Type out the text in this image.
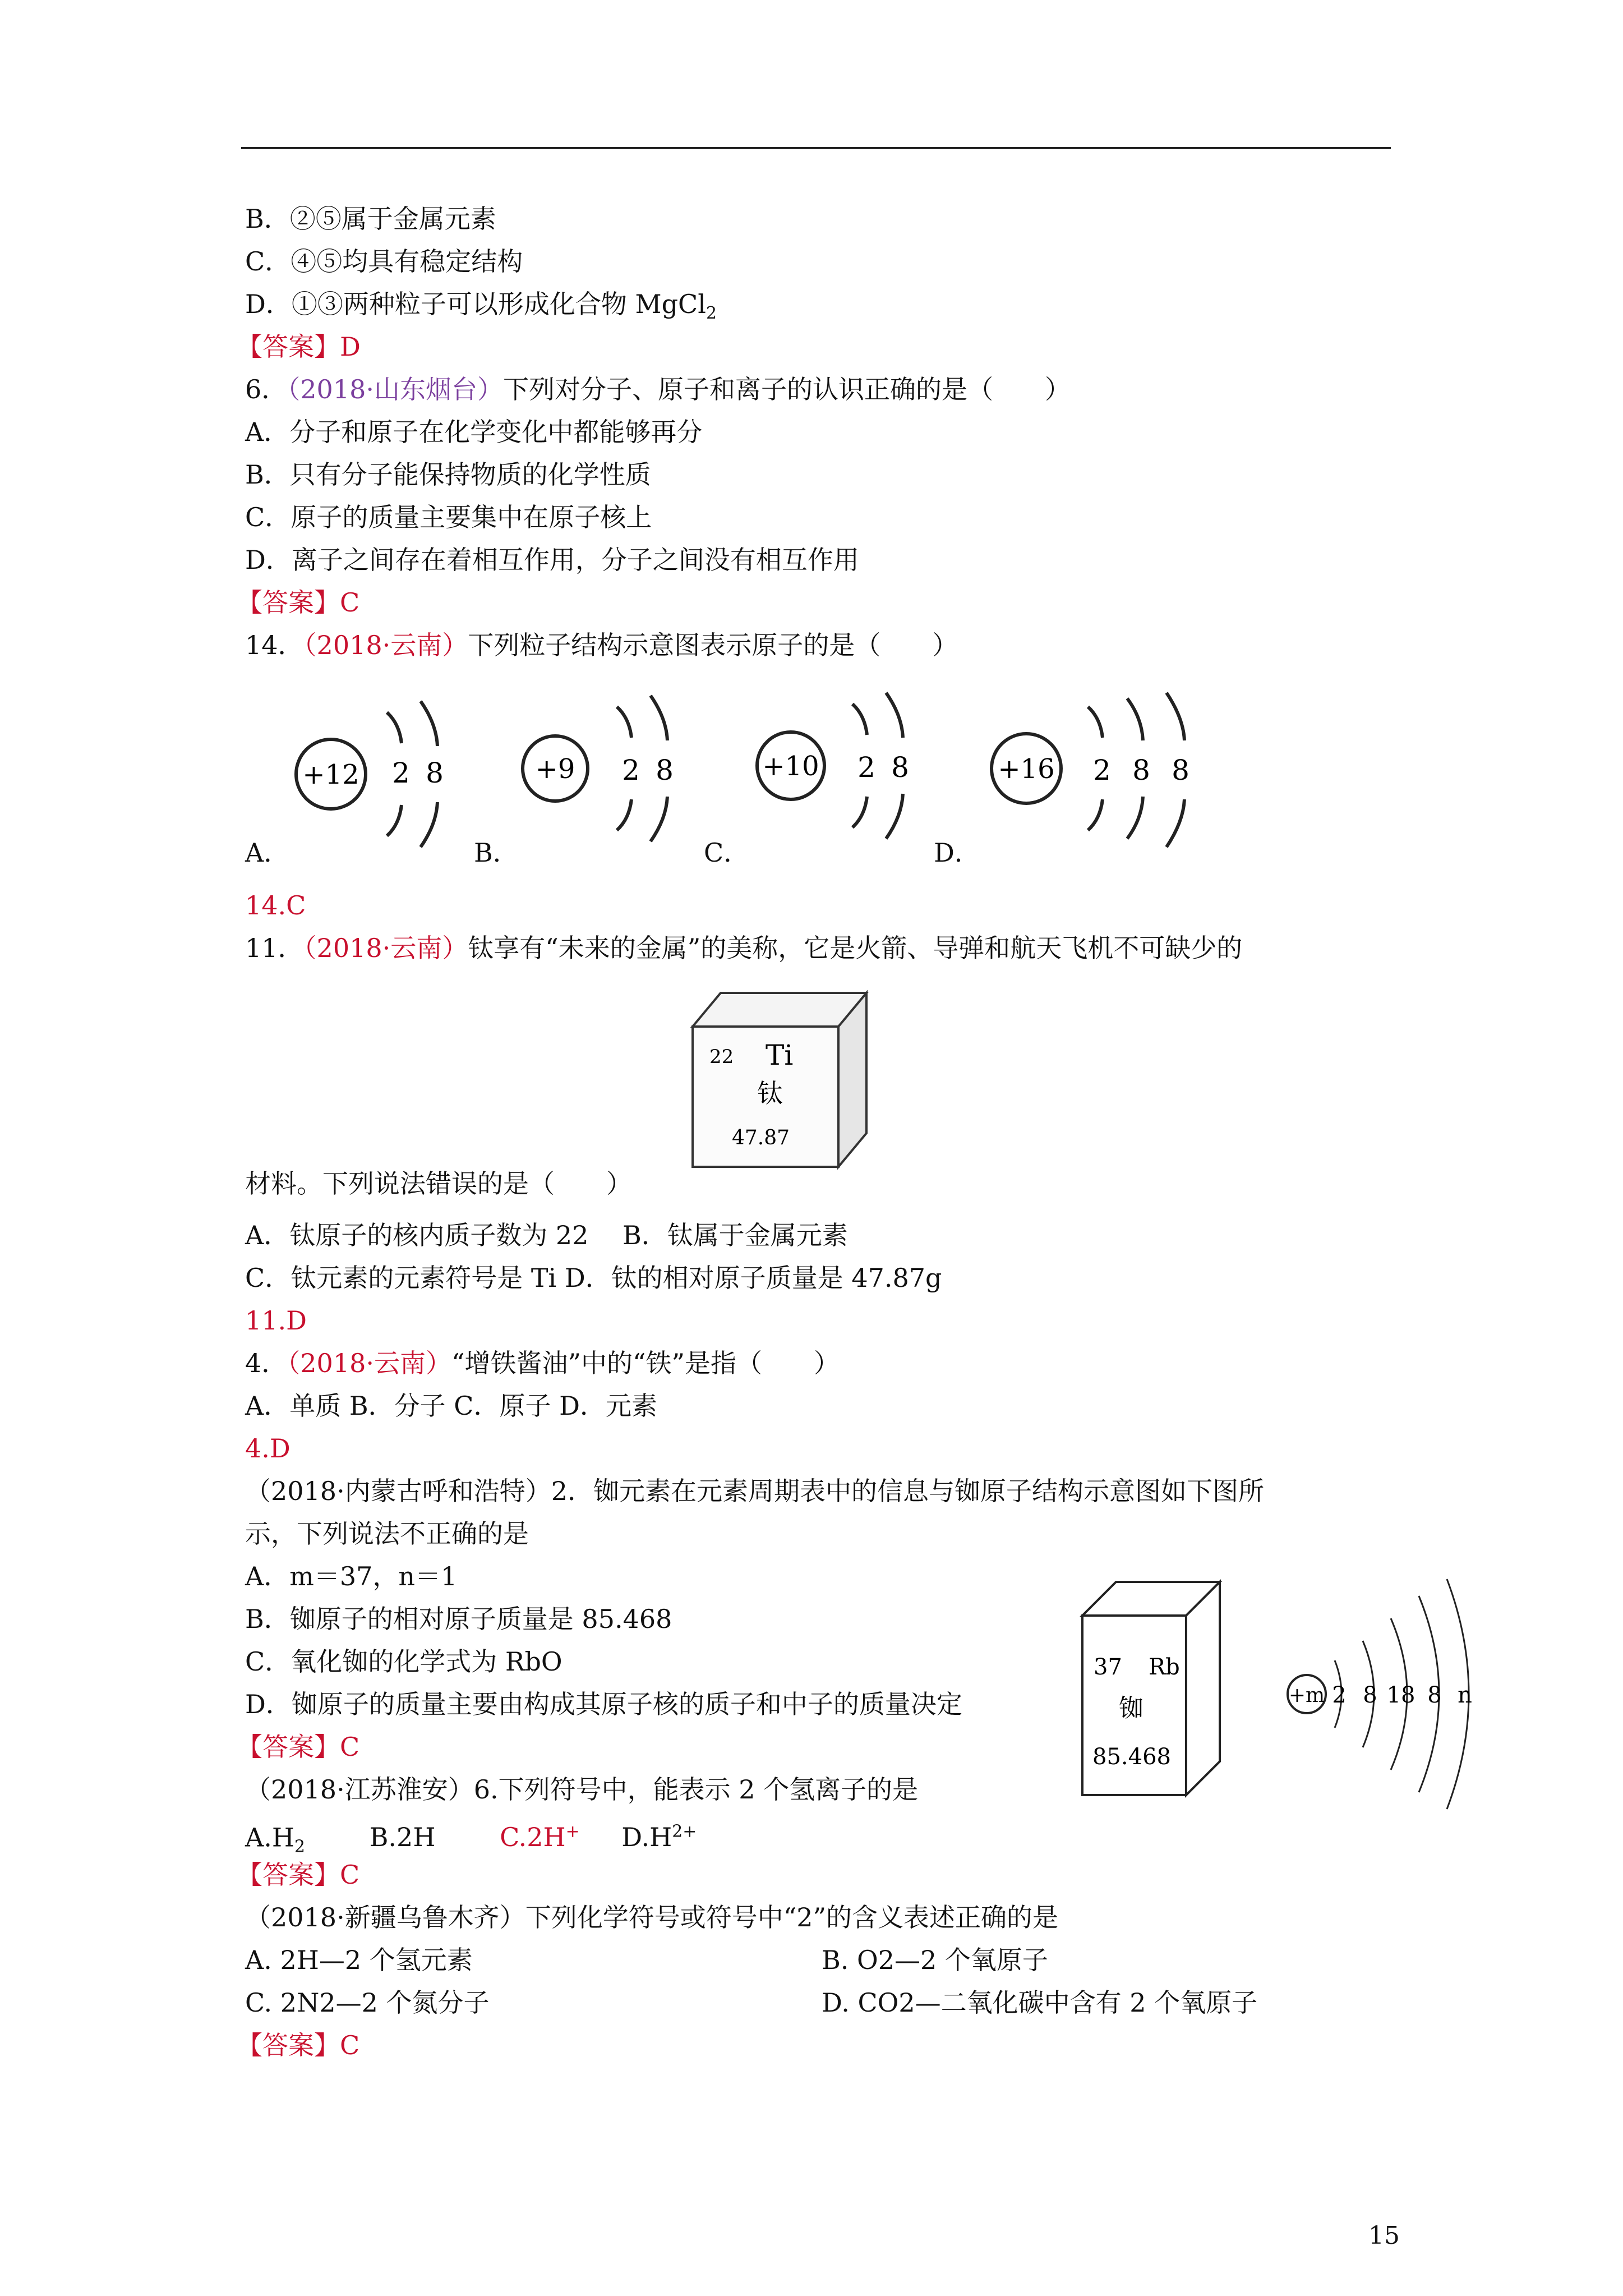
B．②⑤属于金属元素
C．④⑤均具有稳定结构
D．①③两种粒子可以形成化合物 MgCl$_2$
【答案】D
6．（2018·山东烟台）下列对分子、原子和离子的认识正确的是（　　）
A．分子和原子在化学变化中都能够再分
B．只有分子能保持物质的化学性质
C．原子的质量主要集中在原子核上
D．离子之间存在着相互作用，分子之间没有相互作用
【答案】C
14．（2018·云南）下列粒子结构示意图表示原子的是（　　）
+12 2 8	+9 2 8	+10 2 8	+16 2 8 8
A．	B．	C．	D．
14.C
11．（2018·云南）钛享有“未来的金属”的美称，它是火箭、导弹和航天飞机不可缺少的
22 Ti
钛
47.87
材料。下列说法错误的是（　　）
A．钛原子的核内质子数为 22　 B．钛属于金属元素
C．钛元素的元素符号是 Ti D．钛的相对原子质量是 47.87g
11.D
4．（2018·云南）“增铁酱油”中的“铁”是指（　　）
A．单质 B．分子 C．原子 D．元素
4.D
（2018·内蒙古呼和浩特）2．铷元素在元素周期表中的信息与铷原子结构示意图如下图所
示，下列说法不正确的是
A．m＝37，n＝1
B．铷原子的相对原子质量是 85.468
C．氧化铷的化学式为 RbO
D．铷原子的质量主要由构成其原子核的质子和中子的质量决定
【答案】C
37 Rb
铷
85.468
+m 2 8 18 8 n
（2018·江苏淮安）6.下列符号中，能表示 2 个氢离子的是
$A.H_2$ B.2H C.2H+ $D.H^{2+}$
【答案】C
（2018·新疆乌鲁木齐）下列化学符号或符号中“2”的含义表述正确的是
A. 2H—2 个氢元素	B. O2—2 个氧原子
C. 2N2—2 个氮分子	D. CO2—二氧化碳中含有 2 个氧原子
【答案】C
15
